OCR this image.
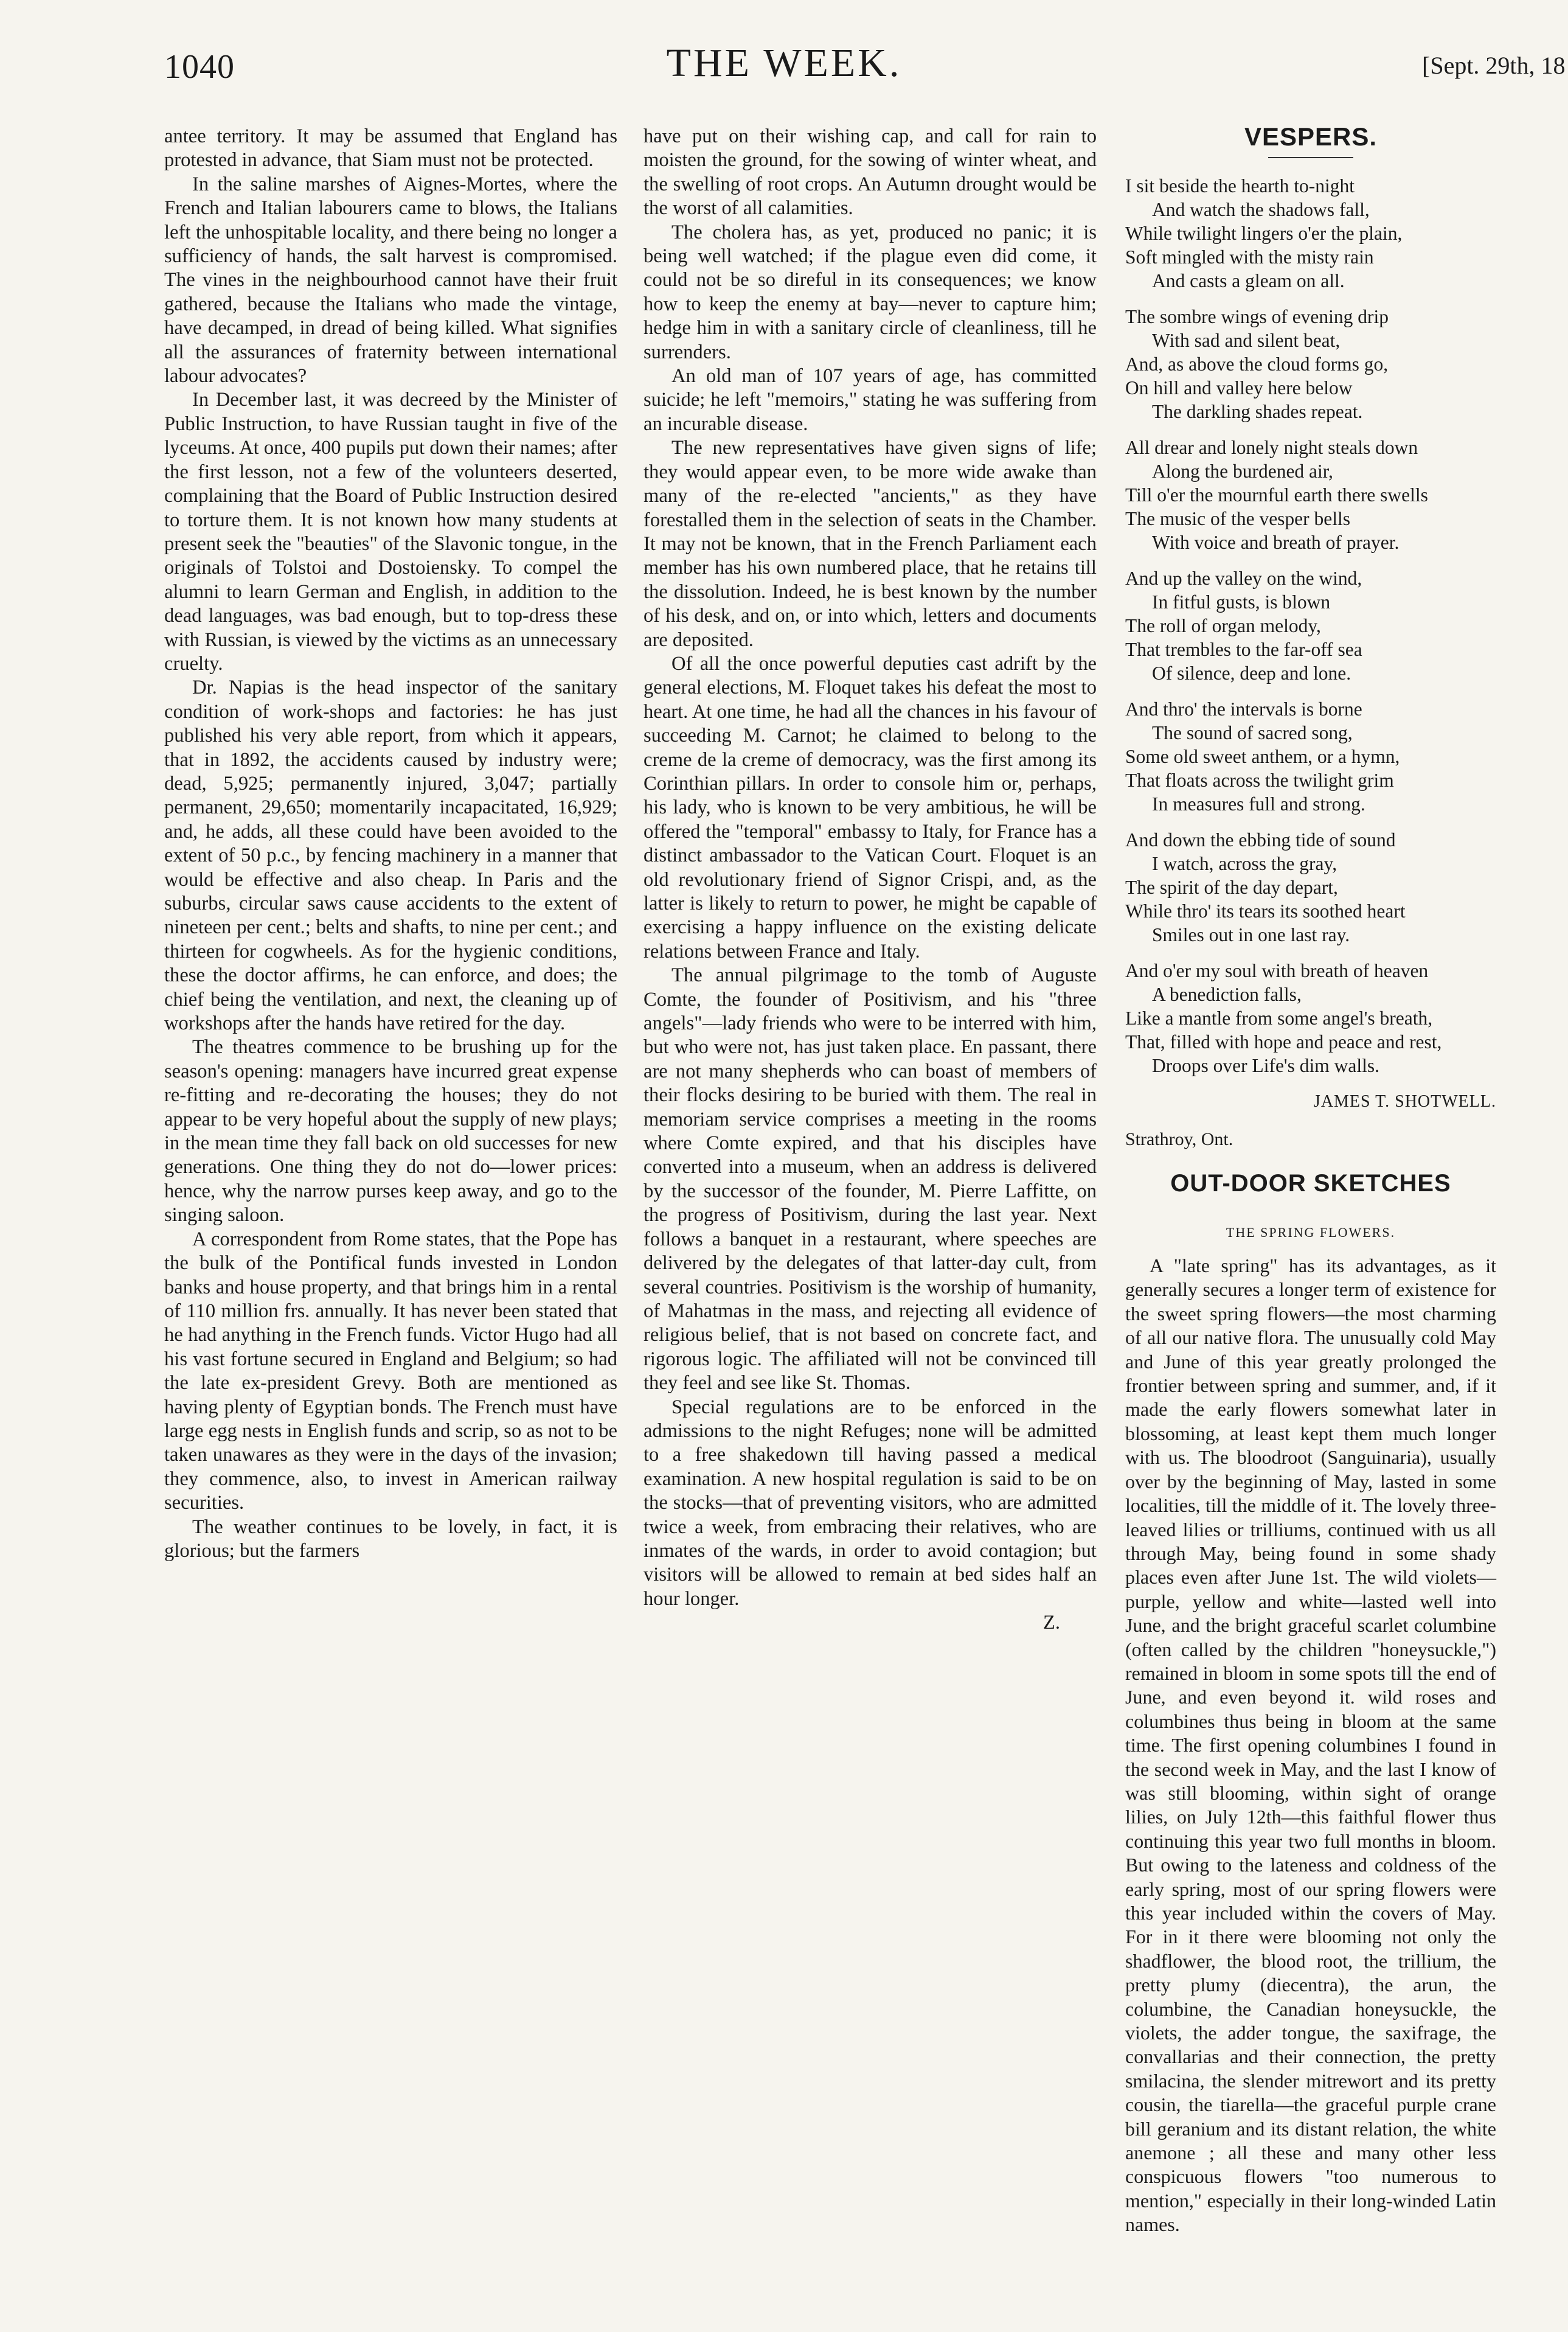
1040	THE WEEK.	[Sept. 29th, 18

antee territory. It may be assumed that England has protested in advance, that Siam must not be protected.

In the saline marshes of Aignes-Mortes, where the French and Italian labourers came to blows, the Italians left the unhospitable locality, and there being no longer a sufficiency of hands, the salt harvest is compromised. The vines in the neighbourhood cannot have their fruit gathered, because the Italians who made the vintage, have decamped, in dread of being killed. What signifies all the assurances of fraternity between international labour advocates?

In December last, it was decreed by the Minister of Public Instruction, to have Russian taught in five of the lyceums. At once, 400 pupils put down their names; after the first lesson, not a few of the volunteers deserted, complaining that the Board of Public Instruction desired to torture them. It is not known how many students at present seek the "beauties" of the Slavonic tongue, in the originals of Tolstoi and Dostoiensky. To compel the alumni to learn German and English, in addition to the dead languages, was bad enough, but to top-dress these with Russian, is viewed by the victims as an unnecessary cruelty.

Dr. Napias is the head inspector of the sanitary condition of work-shops and factories: he has just published his very able report, from which it appears, that in 1892, the accidents caused by industry were; dead, 5,925; permanently injured, 3,047; partially permanent, 29,650; momentarily incapacitated, 16,929; and, he adds, all these could have been avoided to the extent of 50 p.c., by fencing machinery in a manner that would be effective and also cheap. In Paris and the suburbs, circular saws cause accidents to the extent of nineteen per cent.; belts and shafts, to nine per cent.; and thirteen for cogwheels. As for the hygienic conditions, these the doctor affirms, he can enforce, and does; the chief being the ventilation, and next, the cleaning up of workshops after the hands have retired for the day.

The theatres commence to be brushing up for the season's opening: managers have incurred great expense re-fitting and re-decorating the houses; they do not appear to be very hopeful about the supply of new plays; in the mean time they fall back on old successes for new generations. One thing they do not do—lower prices: hence, why the narrow purses keep away, and go to the singing saloon.

A correspondent from Rome states, that the Pope has the bulk of the Pontifical funds invested in London banks and house property, and that brings him in a rental of 110 million frs. annually. It has never been stated that he had anything in the French funds. Victor Hugo had all his vast fortune secured in England and Belgium; so had the late ex-president Grevy. Both are mentioned as having plenty of Egyptian bonds. The French must have large egg nests in English funds and scrip, so as not to be taken unawares as they were in the days of the invasion; they commence, also, to invest in American railway securities.

The weather continues to be lovely, in fact, it is glorious; but the farmers

have put on their wishing cap, and call for rain to moisten the ground, for the sowing of winter wheat, and the swelling of root crops. An Autumn drought would be the worst of all calamities.

The cholera has, as yet, produced no panic; it is being well watched; if the plague even did come, it could not be so direful in its consequences; we know how to keep the enemy at bay—never to capture him; hedge him in with a sanitary circle of cleanliness, till he surrenders.

An old man of 107 years of age, has committed suicide; he left "memoirs," stating he was suffering from an incurable disease.

The new representatives have given signs of life; they would appear even, to be more wide awake than many of the re-elected "ancients," as they have forestalled them in the selection of seats in the Chamber. It may not be known, that in the French Parliament each member has his own numbered place, that he retains till the dissolution. Indeed, he is best known by the number of his desk, and on, or into which, letters and documents are deposited.

Of all the once powerful deputies cast adrift by the general elections, M. Floquet takes his defeat the most to heart. At one time, he had all the chances in his favour of succeeding M. Carnot; he claimed to belong to the creme de la creme of democracy, was the first among its Corinthian pillars. In order to console him or, perhaps, his lady, who is known to be very ambitious, he will be offered the "temporal" embassy to Italy, for France has a distinct ambassador to the Vatican Court. Floquet is an old revolutionary friend of Signor Crispi, and, as the latter is likely to return to power, he might be capable of exercising a happy influence on the existing delicate relations between France and Italy.

The annual pilgrimage to the tomb of Auguste Comte, the founder of Positivism, and his "three angels"—lady friends who were to be interred with him, but who were not, has just taken place. En passant, there are not many shepherds who can boast of members of their flocks desiring to be buried with them. The real in memoriam service comprises a meeting in the rooms where Comte expired, and that his disciples have converted into a museum, when an address is delivered by the successor of the founder, M. Pierre Laffitte, on the progress of Positivism, during the last year. Next follows a banquet in a restaurant, where speeches are delivered by the delegates of that latter-day cult, from several countries. Positivism is the worship of humanity, of Mahatmas in the mass, and rejecting all evidence of religious belief, that is not based on concrete fact, and rigorous logic. The affiliated will not be convinced till they feel and see like St. Thomas.

Special regulations are to be enforced in the admissions to the night Refuges; none will be admitted to a free shakedown till having passed a medical examination. A new hospital regulation is said to be on the stocks—that of preventing visitors, who are admitted twice a week, from embracing their relatives, who are inmates of the wards, in order to avoid contagion; but visitors will be allowed to remain at bed sides half an hour longer.

Z.
VESPERS.
I sit beside the hearth to-night
And watch the shadows fall,
While twilight lingers o'er the plain,
Soft mingled with the misty rain
And casts a gleam on all.
The sombre wings of evening drip
With sad and silent beat,
And, as above the cloud forms go,
On hill and valley here below
The darkling shades repeat.
All drear and lonely night steals down
Along the burdened air,
Till o'er the mournful earth there swells
The music of the vesper bells
With voice and breath of prayer.
And up the valley on the wind,
In fitful gusts, is blown
The roll of organ melody,
That trembles to the far-off sea
Of silence, deep and lone.
And thro' the intervals is borne
The sound of sacred song,
Some old sweet anthem, or a hymn,
That floats across the twilight grim
In measures full and strong.
And down the ebbing tide of sound
I watch, across the gray,
The spirit of the day depart,
While thro' its tears its soothed heart
Smiles out in one last ray.
And o'er my soul with breath of heaven
A benediction falls,
Like a mantle from some angel's breath,
That, filled with hope and peace and rest,
Droops over Life's dim walls.
JAMES T. SHOTWELL.
Strathroy, Ont.
OUT-DOOR SKETCHES
THE SPRING FLOWERS.

A "late spring" has its advantages, as it generally secures a longer term of existence for the sweet spring flowers—the most charming of all our native flora. The unusually cold May and June of this year greatly prolonged the frontier between spring and summer, and, if it made the early flowers somewhat later in blossoming, at least kept them much longer with us. The bloodroot (Sanguinaria), usually over by the beginning of May, lasted in some localities, till the middle of it. The lovely three-leaved lilies or trilliums, continued with us all through May, being found in some shady places even after June 1st. The wild violets—purple, yellow and white—lasted well into June, and the bright graceful scarlet columbine (often called by the children "honeysuckle,") remained in bloom in some spots till the end of June, and even beyond it. wild roses and columbines thus being in bloom at the same time. The first opening columbines I found in the second week in May, and the last I know of was still blooming, within sight of orange lilies, on July 12th—this faithful flower thus continuing this year two full months in bloom. But owing to the lateness and coldness of the early spring, most of our spring flowers were this year included within the covers of May. For in it there were blooming not only the shadflower, the blood root, the trillium, the pretty plumy (diecentra), the arun, the columbine, the Canadian honeysuckle, the violets, the adder tongue, the saxifrage, the convallarias and their connection, the pretty smilacina, the slender mitrewort and its pretty cousin, the tiarella—the graceful purple crane bill geranium and its distant relation, the white anemone ; all these and many other less conspicuous flowers "too numerous to mention," especially in their long-winded Latin names.
